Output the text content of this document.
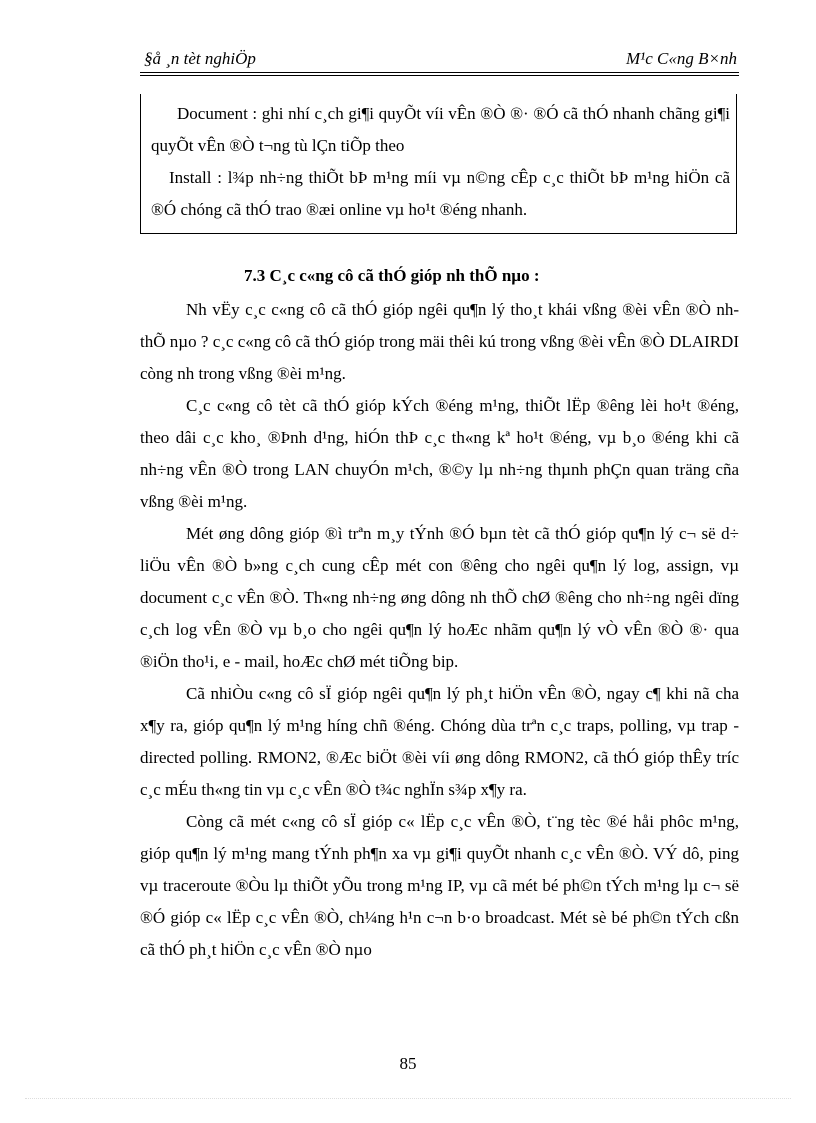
§å ¸n tèt nghiÖp	M¹c C«ng B×nh

Document : ghi nhí c¸ch gi¶i quyÕt víi vÊn ®Ò ®· ®Ó cã thÓ nhanh chãng gi¶i quyÕt vÊn ®Ò t¬ng tù lÇn tiÕp theo

Install : l¾p nh÷ng thiÕt bÞ m¹ng míi vµ n©ng cÊp c¸c thiÕt bÞ m¹ng hiÖn cã ®Ó chóng cã thÓ trao ®æi online vµ ho¹t ®éng nhanh.

7.3 C¸c c«ng cô cã thÓ gióp nh thÕ nµo :

Nh vËy c¸c c«ng cô cã thÓ gióp ngêi qu¶n lý tho¸t khái vßng ®èi vÊn ®Ò nh thÕ nµo ? c¸c c«ng cô cã thÓ gióp trong mäi thêi kú trong vßng ®èi vÊn ®Ò DLAIRDI còng nh trong vßng ®èi m¹ng.

C¸c c«ng cô tèt cã thÓ gióp kÝch ®éng m¹ng, thiÕt lËp ®êng lèi ho¹t ®éng, theo dâi c¸c kho¸ ®Þnh d¹ng, hiÓn thÞ c¸c th«ng kª ho¹t ®éng, vµ b¸o ®éng khi cã nh÷ng vÊn ®Ò trong LAN chuyÓn m¹ch, ®©y lµ nh÷ng thµnh phÇn quan träng cña vßng ®èi m¹ng.

Mét øng dông gióp ®ì trªn m¸y tÝnh ®Ó bµn tèt cã thÓ gióp qu¶n lý c¬ së d÷ liÖu vÊn ®Ò b»ng c¸ch cung cÊp mét con ®êng cho ngêi qu¶n lý log, assign, vµ document c¸c vÊn ®Ò. Th«ng nh÷ng øng dông nh thÕ chØ ®êng cho nh÷ng ngêi dïng c¸ch log vÊn ®Ò vµ b¸o cho ngêi qu¶n lý hoÆc nhãm qu¶n lý vÒ vÊn ®Ò ®· qua ®iÖn tho¹i, e - mail, hoÆc chØ mét tiÕng bip.

Cã nhiÒu c«ng cô sÏ gióp ngêi qu¶n lý ph¸t hiÖn vÊn ®Ò, ngay c¶ khi nã cha x¶y ra, gióp qu¶n lý m¹ng híng chñ ®éng. Chóng dùa trªn c¸c traps, polling, vµ trap - directed polling. RMON2, ®Æc biÖt ®èi víi øng dông RMON2, cã thÓ gióp thÊy tríc c¸c mÉu th«ng tin vµ c¸c vÊn ®Ò t¾c nghÏn s¾p x¶y ra.

Còng cã mét c«ng cô sÏ gióp c« lËp c¸c vÊn ®Ò, t¨ng tèc ®é håi phôc m¹ng, gióp qu¶n lý m¹ng mang tÝnh ph¶n xa vµ gi¶i quyÕt nhanh c¸c vÊn ®Ò. VÝ dô, ping vµ traceroute ®Òu lµ thiÕt yÕu trong m¹ng IP, vµ cã mét bé ph©n tÝch m¹ng lµ c¬ së ®Ó gióp c« lËp c¸c vÊn ®Ò, ch¼ng h¹n c¬n b·o broadcast. Mét sè bé ph©n tÝch cßn cã thÓ ph¸t hiÖn c¸c vÊn ®Ò nµo

85
